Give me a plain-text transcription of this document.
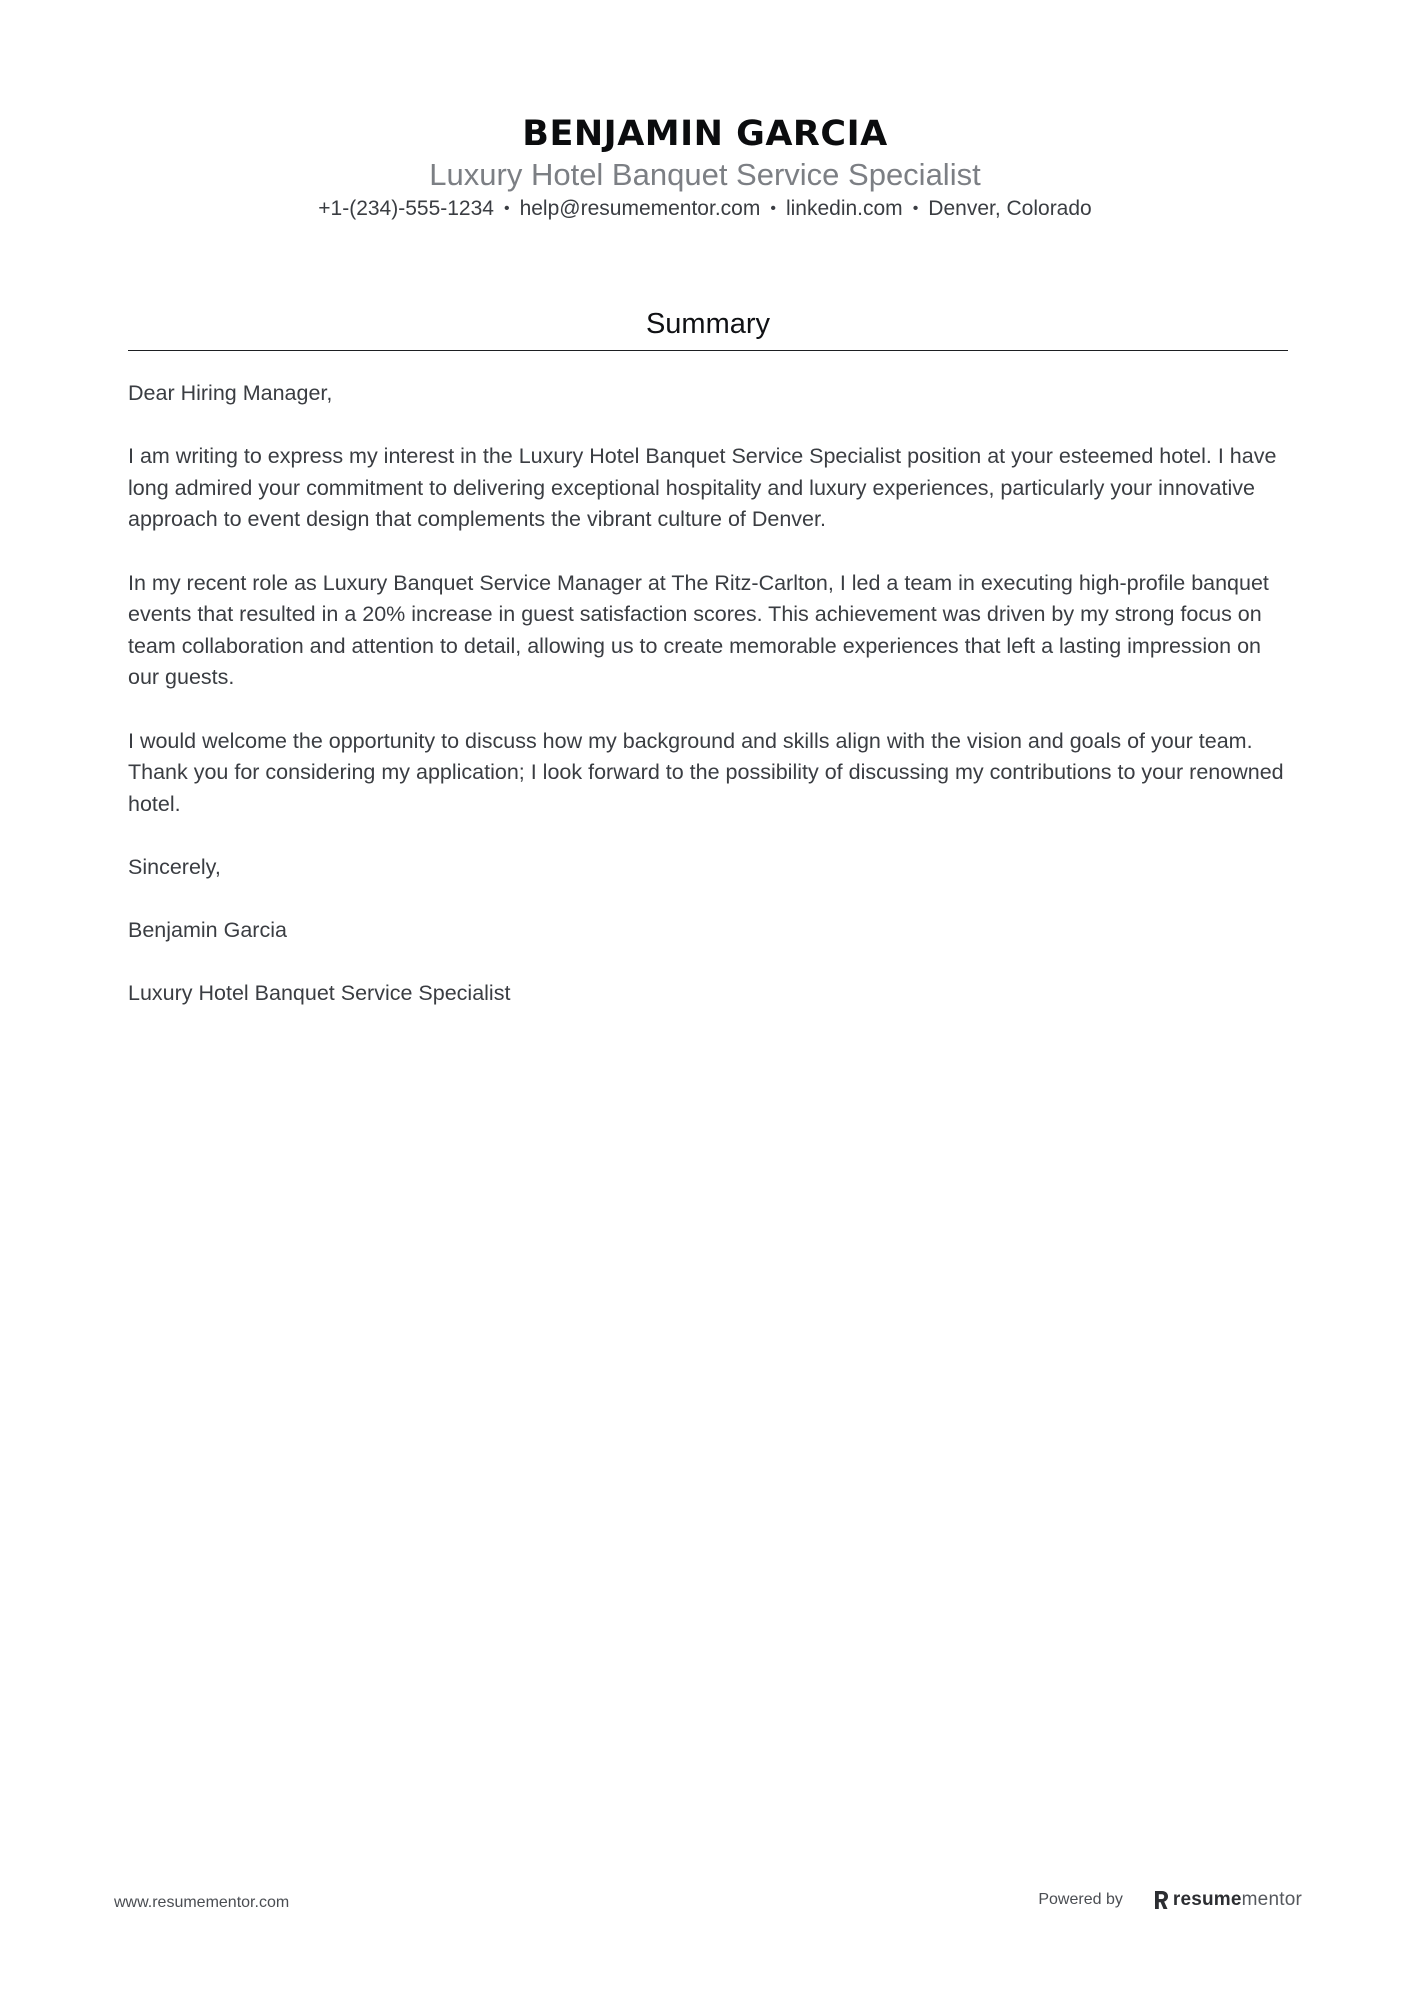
BENJAMIN GARCIA
Luxury Hotel Banquet Service Specialist
+1-(234)-555-1234 • help@resumementor.com • linkedin.com • Denver, Colorado
Summary

Dear Hiring Manager,

I am writing to express my interest in the Luxury Hotel Banquet Service Specialist position at your esteemed hotel. I have long admired your commitment to delivering exceptional hospitality and luxury experiences, particularly your innovative approach to event design that complements the vibrant culture of Denver.

In my recent role as Luxury Banquet Service Manager at The Ritz-Carlton, I led a team in executing high-profile banquet events that resulted in a 20% increase in guest satisfaction scores. This achievement was driven by my strong focus on team collaboration and attention to detail, allowing us to create memorable experiences that left a lasting impression on our guests.

I would welcome the opportunity to discuss how my background and skills align with the vision and goals of your team. Thank you for considering my application; I look forward to the possibility of discussing my contributions to your renowned hotel.

Sincerely,

Benjamin Garcia

Luxury Hotel Banquet Service Specialist

www.resumementor.com	Powered by	resume mentor
